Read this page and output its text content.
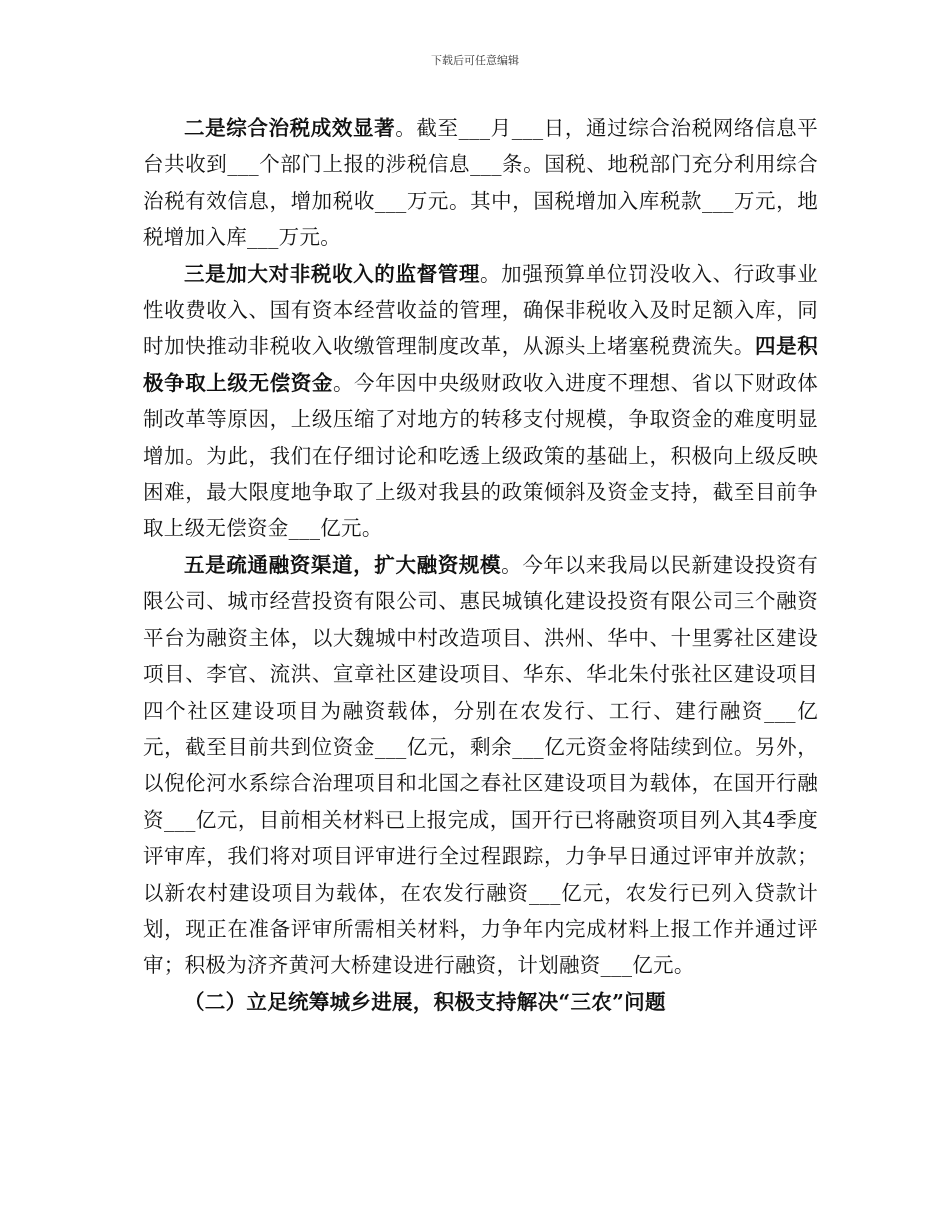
下载后可任意编辑

二是综合治税成效显著。截至___月___日，通过综合治税网络信息平台共收到___个部门上报的涉税信息___条。国税、地税部门充分利用综合治税有效信息，增加税收___万元。其中，国税增加入库税款___万元，地税增加入库___万元。

三是加大对非税收入的监督管理。加强预算单位罚没收入、行政事业性收费收入、国有资本经营收益的管理，确保非税收入及时足额入库，同时加快推动非税收入收缴管理制度改革，从源头上堵塞税费流失。四是积极争取上级无偿资金。今年因中央级财政收入进度不理想、省以下财政体制改革等原因，上级压缩了对地方的转移支付规模，争取资金的难度明显增加。为此，我们在仔细讨论和吃透上级政策的基础上，积极向上级反映困难，最大限度地争取了上级对我县的政策倾斜及资金支持，截至目前争取上级无偿资金___亿元。

五是疏通融资渠道，扩大融资规模。今年以来我局以民新建设投资有限公司、城市经营投资有限公司、惠民城镇化建设投资有限公司三个融资平台为融资主体，以大魏城中村改造项目、洪州、华中、十里雾社区建设项目、李官、流洪、宣章社区建设项目、华东、华北朱付张社区建设项目四个社区建设项目为融资载体，分别在农发行、工行、建行融资___亿元，截至目前共到位资金___亿元，剩余___亿元资金将陆续到位。另外，以倪伦河水系综合治理项目和北国之春社区建设项目为载体，在国开行融资___亿元，目前相关材料已上报完成，国开行已将融资项目列入其4季度评审库，我们将对项目评审进行全过程跟踪，力争早日通过评审并放款；以新农村建设项目为载体，在农发行融资___亿元，农发行已列入贷款计划，现正在准备评审所需相关材料，力争年内完成材料上报工作并通过评审；积极为济齐黄河大桥建设进行融资，计划融资___亿元。

（二）立足统筹城乡进展，积极支持解决“三农”问题
